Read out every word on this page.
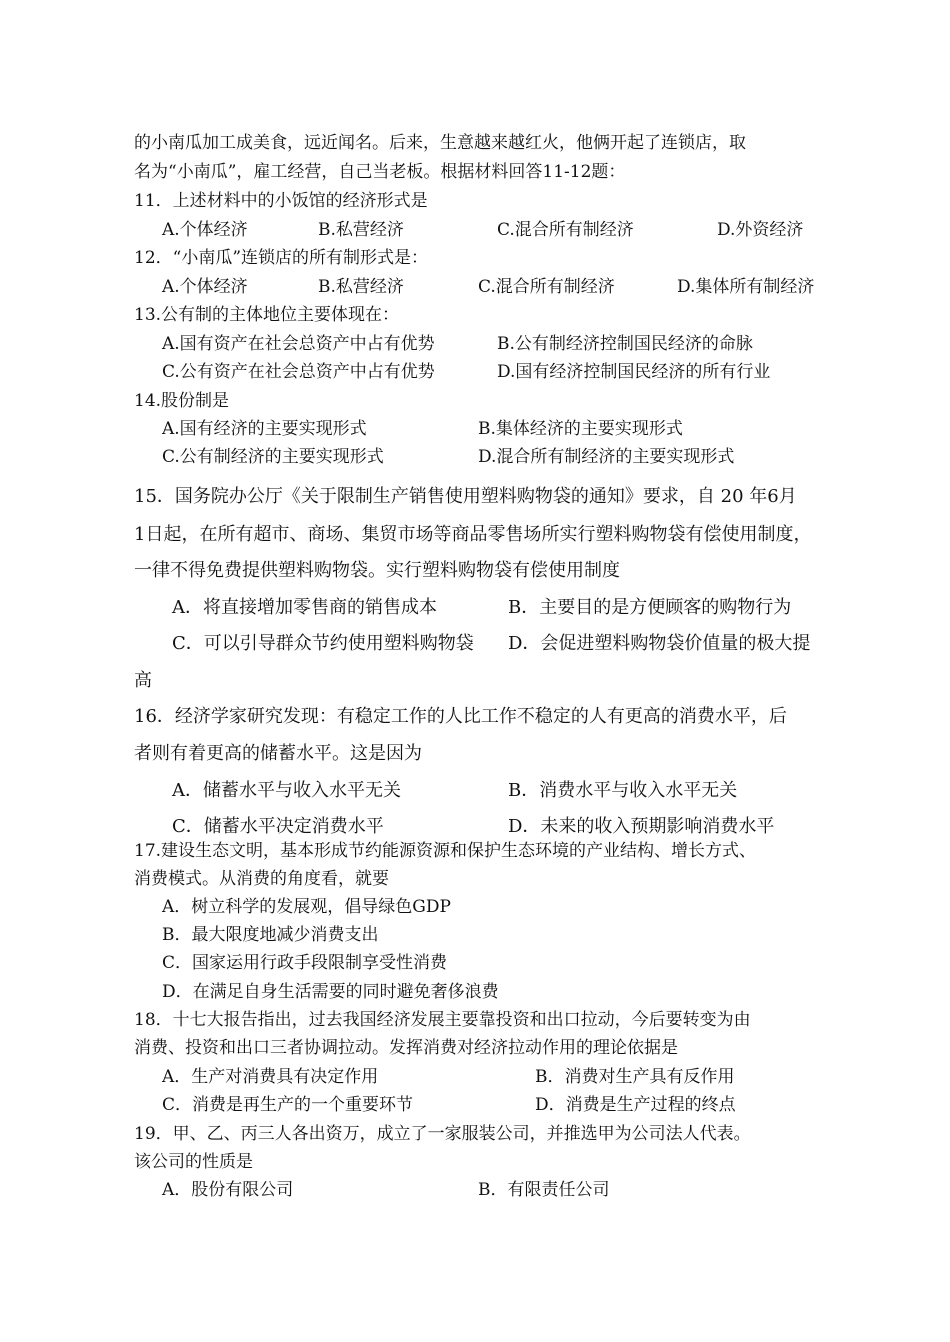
的小南瓜加工成美食，远近闻名。后来，生意越来越红火，他俩开起了连锁店，取
名为“小南瓜”，雇工经营，自己当老板。根据材料回答11-12题：
11．上述材料中的小饭馆的经济形式是
A.个体经济	B.私营经济	C.混合所有制经济	D.外资经济
12．“小南瓜”连锁店的所有制形式是：
A.个体经济	B.私营经济	C.混合所有制经济	D.集体所有制经济
13.公有制的主体地位主要体现在：
A.国有资产在社会总资产中占有优势	B.公有制经济控制国民经济的命脉
C.公有资产在社会总资产中占有优势	D.国有经济控制国民经济的所有行业
14.股份制是
A.国有经济的主要实现形式	B.集体经济的主要实现形式
C.公有制经济的主要实现形式	D.混合所有制经济的主要实现形式
15．国务院办公厅《关于限制生产销售使用塑料购物袋的通知》要求，自 20 年6月
1日起，在所有超市、商场、集贸市场等商品零售场所实行塑料购物袋有偿使用制度，
一律不得免费提供塑料购物袋。实行塑料购物袋有偿使用制度
A．将直接增加零售商的销售成本	B．主要目的是方便顾客的购物行为
C．可以引导群众节约使用塑料购物袋 D．会促进塑料购物袋价值量的极大提
高
16．经济学家研究发现：有稳定工作的人比工作不稳定的人有更高的消费水平，后
者则有着更高的储蓄水平。这是因为
A．储蓄水平与收入水平无关	B．消费水平与收入水平无关
C．储蓄水平决定消费水平	D．未来的收入预期影响消费水平
17.建设生态文明，基本形成节约能源资源和保护生态环境的产业结构、增长方式、
消费模式。从消费的角度看，就要
A．树立科学的发展观，倡导绿色GDP
B．最大限度地减少消费支出
C．国家运用行政手段限制享受性消费
D．在满足自身生活需要的同时避免奢侈浪费
18．十七大报告指出，过去我国经济发展主要靠投资和出口拉动，今后要转变为由
消费、投资和出口三者协调拉动。发挥消费对经济拉动作用的理论依据是
A．生产对消费具有决定作用	B．消费对生产具有反作用
C．消费是再生产的一个重要环节	D．消费是生产过程的终点
19．甲、乙、丙三人各出资万，成立了一家服装公司，并推选甲为公司法人代表。
该公司的性质是
A．股份有限公司	B．有限责任公司
